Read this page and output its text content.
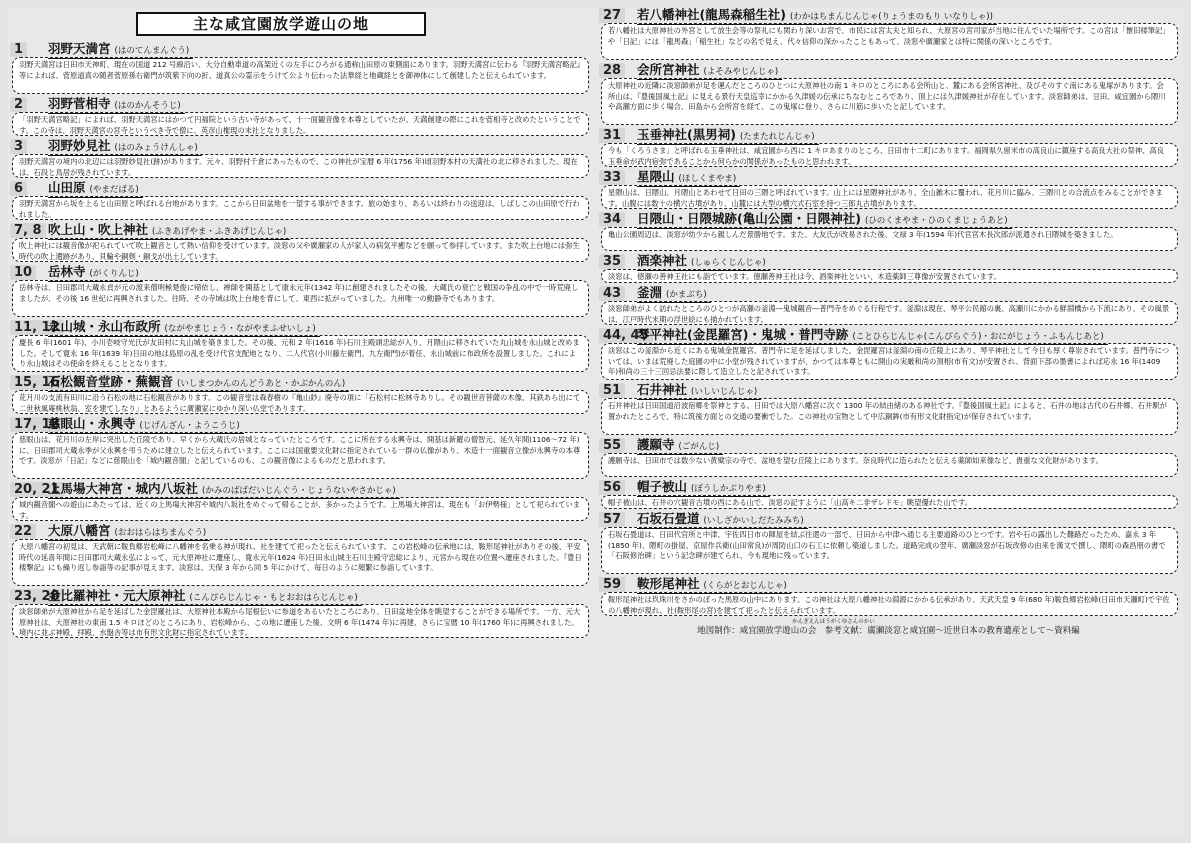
主な咸宜園放学遊山の地
1	羽野天満宮 (はのてんまんぐう)
羽野天満宮は日田市天神町、現在の国道 212 号線沿い、大分自動車道の高架近くの左手にひろがる通称山田原の東側面にあります。羽野天満宮に伝わる『羽野天満宮略記』等によれば、菅原道真の随者菅原孫右衛門が筑紫下向の折、道真公の霊示をうけて公より伝わった法華経と地蔵経とを御神体にして創建したと伝えられています。
2	羽野菅相寺 (はのかんそうじ)
「羽野天満宮略記」によれば、羽野天満宮にはかつて円福院という古い寺があって、十一面観音像を本尊としていたが、天満創建の際にこれを菅相寺と改めたということです。この寺は、羽野天満宮の宮寺というべき寺で僧に、英彦山権現の末社となりました。
3	羽野妙見社 (はのみょうけんしゃ)
羽野天満宮の境内の北辺には羽野妙見社(跡)があります。元々、羽野村千倉にあったもので、この神社が宝暦 6 年(1756 年)頃羽野本村の天満社の北に移されました。現在は、石段と鳥居が残されています。
6	山田原 (やまだばる)
羽野天満宮から坂を上ると山田原と呼ばれる台地があります。ここから日田盆地を一望する事ができます。旅の始まり、あるいは終わりの送迎は、しばしこの山田原で行われました。
7, 8 吹上山・吹上神社 (ふきあげやま・ふきあげじんじゃ)
吹上神社には観音像が祀られていて吹上観音として熱い信仰を受けています。淡窓の父や廣瀬家の人が家人の病気平癒などを願って参拝しています。また吹上台地には弥生時代の吹上遺跡があり、貝輪や銅剣・銅戈が出土しています。
10	岳林寺 (がくりんじ)
岳林寺は、日田郡司大蔵永貞が元の渡来僧明極楚俊に帰依し、禅師を開基として康永元年(1342 年)に創建されましたその後、大蔵氏の衰亡と戦国の争乱の中で一時荒廃しましたが、その後 16 世紀に再興されました。往時、その寺域は吹上台地を背にして、東西に拡がっていました。九州唯一の動静寺でもあります。
11, 12
永山城・永山布政所 (ながやまじょう・ながやまふせいしょ)
慶長 6 年(1601 年)、小川壱岐守光氏が友田村に丸山城を築きました。その後、元和 2 年(1616 年)石川主殿頭忠総が入り、月隈山に移されていた丸山城を永山城と改めました。そして寛永 16 年(1639 年)日田の地は島原の乱を受け代官支配地となり、二人代官(小川藤左衛門、九左衛門)が着任、永山城前に布政所を設置しました。これにより永山城はその使命を終えることとなります。
15, 16
石松観音堂跡・蕪観音 (いしまつかんのんどうあと・かぶかんのん)
花月川の支流有田川に沿う石松の地に石松観音があります。この観音堂は森春樹の『亀山鈔』廃寺の項に「石松村に松林寺ありし。その観世音菩薩の木像、其鉄あら出にて二世秋風庵桃秋翁、室を建てしなり」とあるように廣瀬家にゆかり深い仏堂であります。
17, 18
慈眼山・永興寺 (じげんざん・ようこうじ)
慈眼山は、花月川の左岸に突出した丘陵であり、早くから大蔵氏の居城となっていたところです。ここに所在する永興寺は、開基は新羅の僧智元、延久年間(1106〜72 年)に、日田郡司大蔵永季が父永興を弔うために建立したと伝えられています。ここには国重要文化財に指定されている一群の仏像があり、木造十一面観音立像が永興寺の本尊です。淡窓が「日記」などに慈眼山を「城内観音閣」と記しているのも、この観音像によるものだと思われます。
20, 21
上馬場大神宮・城内八坂社 (かみのばばだいじんぐう・じょうないやさかじゃ)
城内観音閣への遊山にあたっては、近くの上馬場大神宮や城内八坂社をめぐって帰ることが、多かったようです。上馬場大神宮は、現在も「お伊勢様」として祀られています。
22	大原八幡宮 (おおはらはちまんぐう)
大原八幡宮の初見は、天武朝に鞍負郷岩松峰に八幡神を名乗る神が現れ、社を建てて祀ったと伝えられています。この岩松峰の伝承地には、鞍形尾神社がありその後、平安時代の延喜年間に日田郡司大蔵永弘によって、元大原神社に遷座し、寛永元年(1624 年)日田永山城主石川主殿守忠総により、元宮から現在の位置へ遷座されました。『豊日楼撃記』にも繰り返し参詣等の記事が見えます。淡窓は、天保 3 年から同 5 年にかけて、毎日のように頻繁に参詣しています。
23, 26
金比羅神社・元大原神社 (こんぴらじんじゃ・もとおおはらじんじゃ)
淡窓師弟が大原神社から足を延ばした金毘羅社は、大原神社本殿から尾根伝いに参道をあるいたところにあり、日田盆地全体を眺望することができる場所です。一方、元大原神社は、大原神社の東南 1.5 キロほどのところにあり、岩松峰から、この地に遷座した後、文明 6 年(1474 年)に再建、さらに宝暦 10 年(1760 年)に再興されました。境内に並ぶ神殿、拝殿、水盤舎等は市有形文化財に指定されています。
27	若八幡神社(龍馬森稲生社) (わかはちまんじんじゃ(りょうまのもり いなりしゃ))
若八幡社は大原神社の外宮として放生会等の祭礼にも関わり深いお宮で、市民には宮太夫と知られ、大原宮の宮司家が当地に住んでいた場所です。この宮は「懐旧楼筆記」や「日記」には「龍馬森」「稲生社」などの名で見え、代々信仰の深かったこともあって、淡窓や廣瀬家とは特に関係の深いところです。
28	会所宮神社 (よそみやじんじゃ)
大原神社の近隣に淡窓師弟が足を運んだところのひとつに大原神社の南 1 キロのところにある会所山と、麓にある会所宮神社、及びそのすぐ南にある鬼塚があります。会所山は、『豊後国風土記』に見える景行天皇巡幸にかかる久津媛の伝承にちなむところであり、頂上には久津媛神社が存在しています。淡窓師弟は、豆田、咸宜園から隈川や高瀬方面に歩く場合、田島から会所宮を経て、この鬼塚に登り、さらに川筋に歩いたと記しています。
31	玉垂神社(黒男祠) (たまたれじんじゃ)
今も「くろうさま」と呼ばれる玉垂神社は、咸宜園から西に 1 キロあまりのところ、日田市十二町にあります。福岡県久留米市の高良山に鎮座する高良大社の祭神、高良玉垂命が武内宿弥であることから何らかの関係があったものと思われます。
33	星隈山 (ほしくまやま)
星隈山は、日隈山、月隈山とあわせて日田の三隈と呼ばれています。山上には星隈神社があり、全山雑木に覆われ、花月川に臨み、三隈川との合流点をみることができます。山腹には数十の横穴古墳があり、山麓には大型の横穴式石室を持つ三郎丸古墳があります。
34	日隈山・日隈城跡(亀山公園・日隈神社) (ひのくまやま・ひのくまじょうあと)
亀山公園周辺は、淡窓が幼少から親しんだ景勝地です。また、大友氏が改易された後、文禄 3 年(1594 年)代官宮木長次郎が派遣され日隈城を築きました。
35	酒楽神社 (しゅらくじんじゃ)
淡窓は、徳瀬の善神王社にも詣でています。徳瀬善神王社は今、酒楽神社といい、木造薬師三尊像が安置されています。
43	釜淵 (かまぶち)
淡窓師弟がよく訪れたところのひとつが高瀬の釜淵―鬼城観音―普門寺をめぐる行程です。釜淵は現在、琴平公民館の裏、高瀬川にかかる鮮淵橋から下流にあり、その風景は、江戸時代末期の浮世絵にも描かれています。
44, 45
琴平神社(金毘羅宮)・鬼城・普門寺跡 (ことひらじんじゃ(こんぴらぐう)・おにがじょう・ふもんじあと)
淡窓はこの釜淵から近くにある鬼城金毘羅宮、普門寺に足を延ばしました。金毘羅宮は釜淵の南の丘陵上にあり、琴平神社として今日も厚く尊崇されています。普門寺については、いまは荒廃した庭園の中に小堂が残されていますが、かつては本尊ともに開山の実厳和尚の頂相(市有文)が安置され、背面下部の墨書によれば応永 16 年(1409 年)和尚の三十三回忌法要に際して造立したと記されています。
51	石井神社 (いしいじんじゃ)
石井神社は日田国道沿波宿郷を祭神とする。日田では大原八幡宮に次ぐ 1300 年の結由緒のある神社です。『豊後国風土記』によると、石井の地は古代の石井郷、石井駅が置かれたところで、特に筑後方面との交通の要衝でした。この神社の宝物として中広銅鉾(市有形文化財指定)が保存されています。
55	護願寺 (ごがんじ)
護願寺は、日田市では数少ない黄檗宗の寺で、盆地を望む丘陵上にあります。奈良時代に造られたと伝える薬師如来像など、貴重な文化財があります。
56	帽子被山 (ぼうしかぶりやま)
帽子被山は、石井の穴観音古墳の西にある山で、淡窓の記すように「山高キ二非ザレドモ」眺望優れた山です。
57	石坂石畳道 (いしざかいしだたみみち)
石坂石畳道は、日田代官所と中津、宇佐四日市の陣屋を結ぶ往還の一部で、日田から中津へ通じる主要道路のひとつです。岩や石の露出した難路だったため、嘉永 3 年(1850 年)、隈町の掛屋、京屋作兵衛(山田常良)が周防山口の石工に依頼し築道しました。道路完成の翌年、廣瀬淡窓が石坂改修の由来を漢文で撰し、隈町の森昌朋の書で「石阪修治碑」という記念碑が建てられ、今も現地に残っています。
59	鞍形尾神社 (くらがとおじんじゃ)
鞍形尾神社は玖珠川をさかのぼった馬原の山中にあります。この神社は大原八幡神社の淵源にかかる伝承があり、天武天皇 9 年(680 年)鞍負郷岩松峰(日田市天瀬町)で宇佐の八幡神が現れ、社(鞍形尾の宮)を建てて祀ったと伝えられています。
かんぎえんほうがくゆさんのかい
地図制作：咸宜園放学遊山の会　参考文献：廣瀬淡窓と咸宜園〜近世日本の教育遺産として〜資料編
